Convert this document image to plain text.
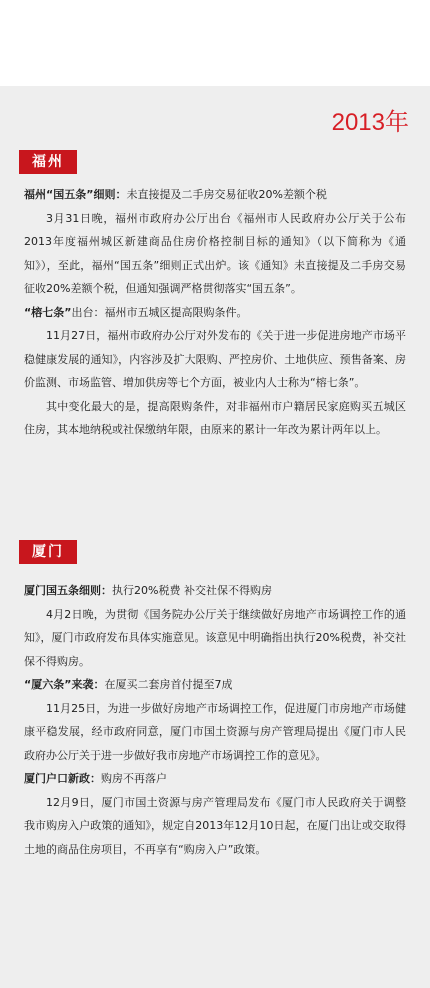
2013年
福州

福州“国五条”细则：未直接提及二手房交易征收20%差额个税

3月31日晚，福州市政府办公厅出台《福州市人民政府办公厅关于公布2013年度福州城区新建商品住房价格控制目标的通知》（以下简称为《通知》），至此，福州“国五条”细则正式出炉。该《通知》未直接提及二手房交易征收20%差额个税，但通知强调严格贯彻落实“国五条”。

“榕七条”出台：福州市五城区提高限购条件。

11月27日，福州市政府办公厅对外发布的《关于进一步促进房地产市场平稳健康发展的通知》，内容涉及扩大限购、严控房价、土地供应、预售备案、房价监测、市场监管、增加供房等七个方面，被业内人士称为“榕七条”。

其中变化最大的是，提高限购条件，对非福州市户籍居民家庭购买五城区住房，其本地纳税或社保缴纳年限，由原来的累计一年改为累计两年以上。

厦门

厦门国五条细则：执行20%税费 补交社保不得购房

4月2日晚，为贯彻《国务院办公厅关于继续做好房地产市场调控工作的通知》，厦门市政府发布具体实施意见。该意见中明确指出执行20%税费，补交社保不得购房。

“厦六条”来袭：在厦买二套房首付提至7成

11月25日，为进一步做好房地产市场调控工作，促进厦门市房地产市场健康平稳发展，经市政府同意，厦门市国土资源与房产管理局提出《厦门市人民政府办公厅关于进一步做好我市房地产市场调控工作的意见》。

厦门户口新政：购房不再落户

12月9日，厦门市国土资源与房产管理局发布《厦门市人民政府关于调整我市购房入户政策的通知》，规定自2013年12月10日起，在厦门出让或交取得土地的商品住房项目，不再享有“购房入户”政策。
